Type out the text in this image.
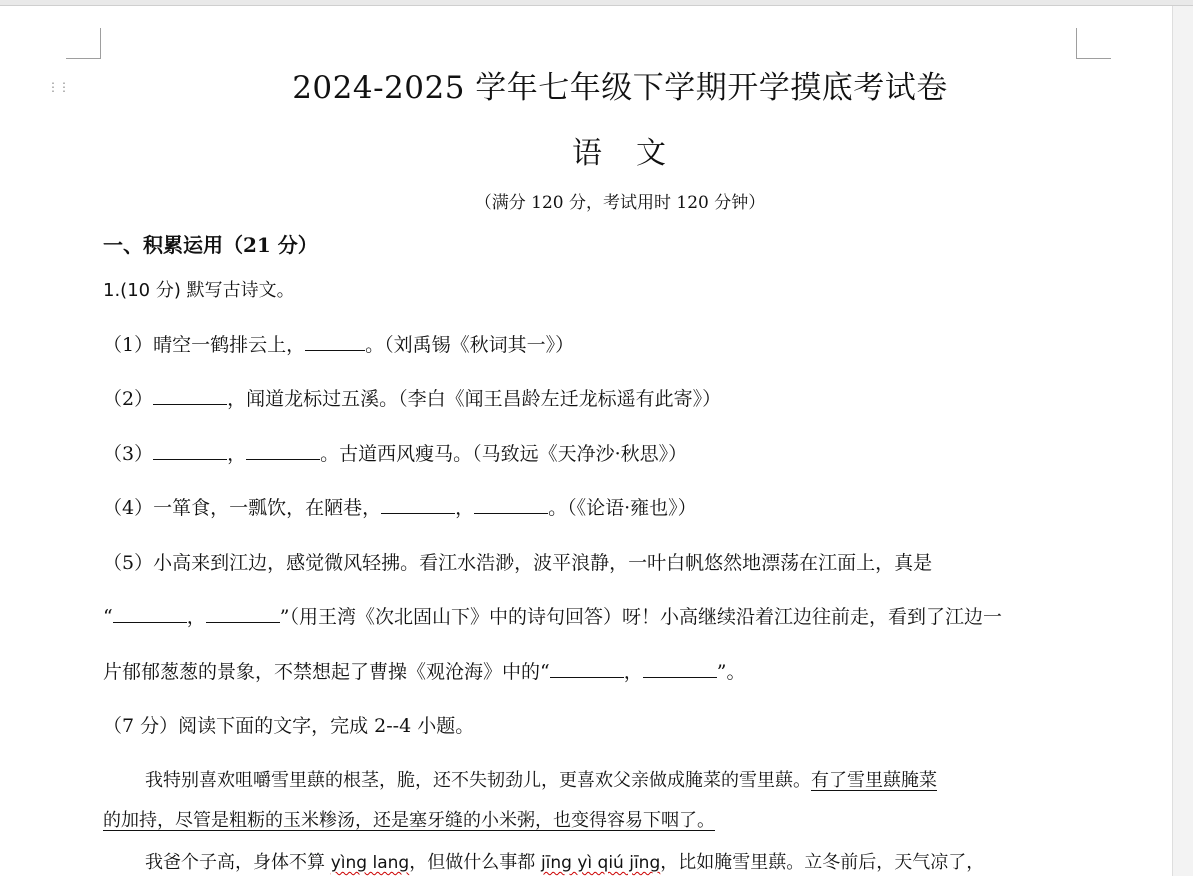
⋮⋮	2024-2025 学年七年级下学期开学摸底考试卷
语　文
（满分 120 分，考试用时 120 分钟）
一、积累运用（21 分）
1.(10 分) 默写古诗文。
（1）晴空一鹤排云上，	。（刘禹锡《秋词其一》）
（2）	，闻道龙标过五溪。（李白《闻王昌龄左迁龙标遥有此寄》）
（3）	，	。古道西风瘦马。（马致远《天净沙·秋思》）
（4）一箪食，一瓢饮，在陋巷，	，	。（《论语·雍也》）
（5）小高来到江边，感觉微风轻拂。看江水浩渺，波平浪静，一叶白帆悠然地漂荡在江面上，真是
“	，	”（用王湾《次北固山下》中的诗句回答）呀！小高继续沿着江边往前走，看到了江边一
片郁郁葱葱的景象，不禁想起了曹操《观沧海》中的“	，	”。
（7 分）阅读下面的文字，完成 2--4 小题。
我特别喜欢咀嚼雪里蕻的根茎，脆，还不失韧劲儿，更喜欢父亲做成腌菜的雪里蕻。有了雪里蕻腌菜
的加持，尽管是粗粝的玉米糁汤，还是塞牙缝的小米粥，也变得容易下咽了。
我爸个子高，身体不算 yìng lang，但做什么事都 jīng yì qiú jīng，比如腌雪里蕻。立冬前后，天气凉了，
